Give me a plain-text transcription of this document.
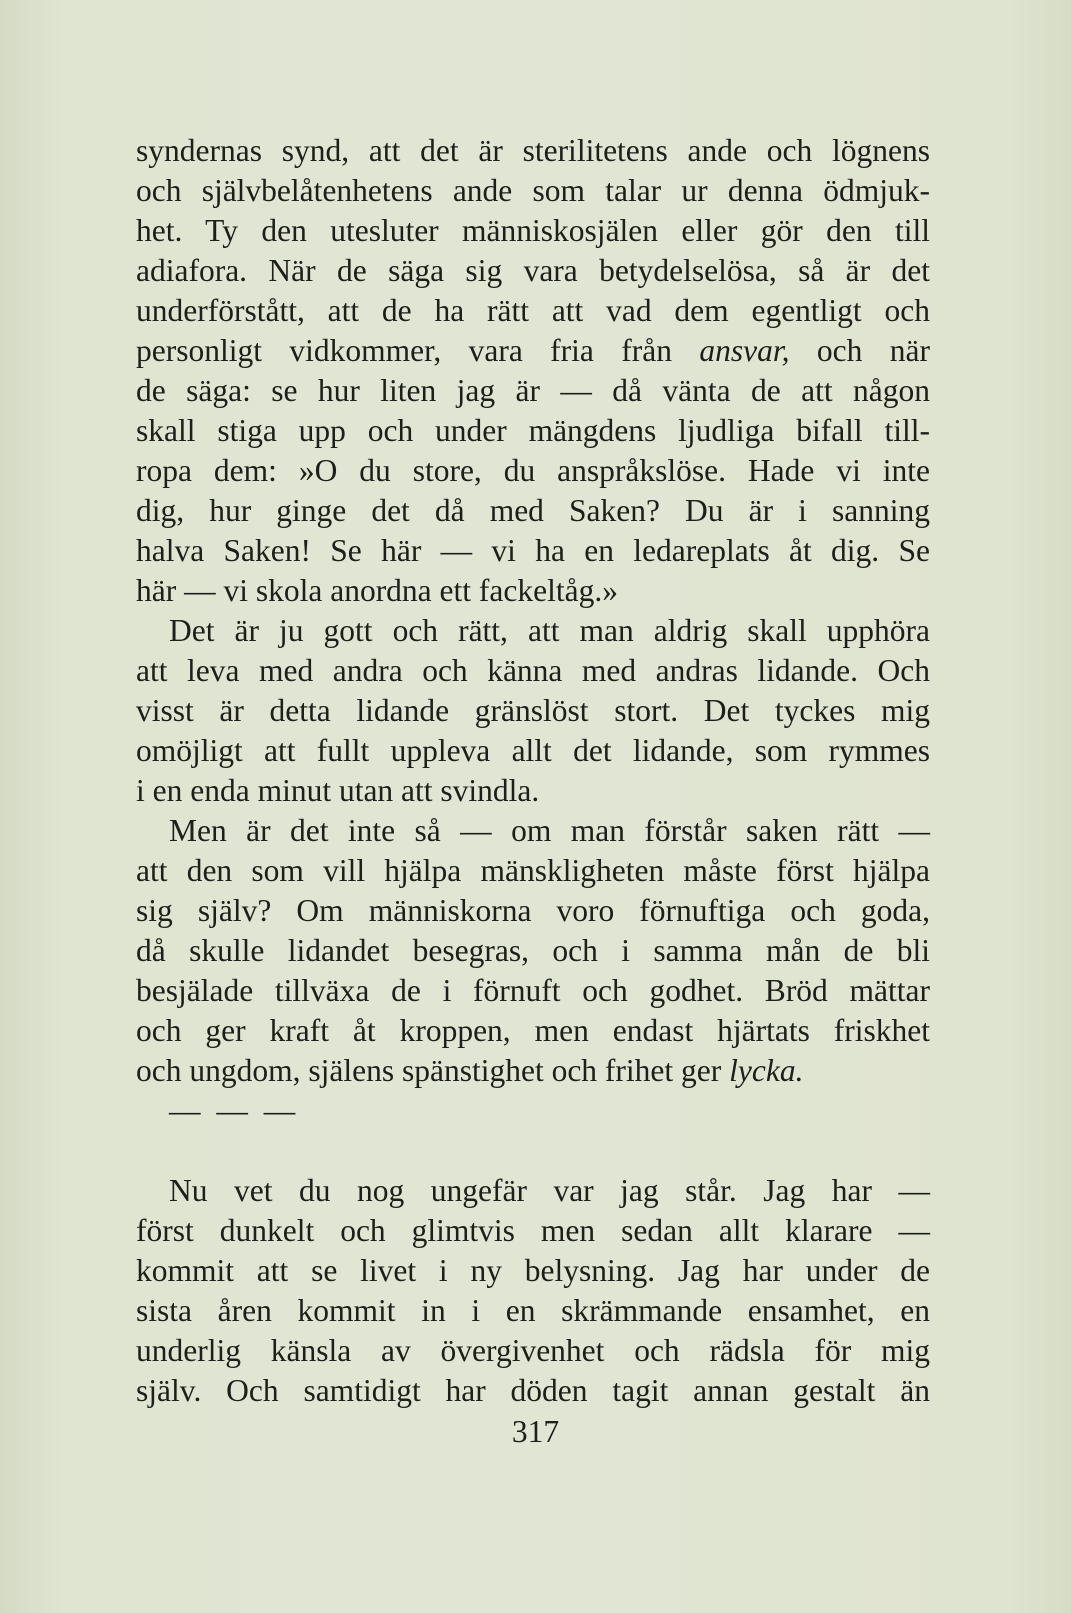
syndernas synd, att det är sterilitetens ande och lögnens
och självbelåtenhetens ande som talar ur denna ödmjuk-
het. Ty den utesluter människosjälen eller gör den till
adiafora. När de säga sig vara betydelselösa, så är det
underförstått, att de ha rätt att vad dem egentligt och
personligt vidkommer, vara fria från ansvar, och när
de säga: se hur liten jag är — då vänta de att någon
skall stiga upp och under mängdens ljudliga bifall till-
ropa dem: »O du store, du anspråkslöse. Hade vi inte
dig, hur ginge det då med Saken? Du är i sanning
halva Saken! Se här — vi ha en ledareplats åt dig. Se
här — vi skola anordna ett fackeltåg.»
Det är ju gott och rätt, att man aldrig skall upphöra
att leva med andra och känna med andras lidande. Och
visst är detta lidande gränslöst stort. Det tyckes mig
omöjligt att fullt uppleva allt det lidande, som rymmes
i en enda minut utan att svindla.
Men är det inte så — om man förstår saken rätt —
att den som vill hjälpa mänskligheten måste först hjälpa
sig själv? Om människorna voro förnuftiga och goda,
då skulle lidandet besegras, och i samma mån de bli
besjälade tillväxa de i förnuft och godhet. Bröd mättar
och ger kraft åt kroppen, men endast hjärtats friskhet
och ungdom, själens spänstighet och frihet ger lycka.
— — —
Nu vet du nog ungefär var jag står. Jag har —
först dunkelt och glimtvis men sedan allt klarare —
kommit att se livet i ny belysning. Jag har under de
sista åren kommit in i en skrämmande ensamhet, en
underlig känsla av övergivenhet och rädsla för mig
själv. Och samtidigt har döden tagit annan gestalt än
317
